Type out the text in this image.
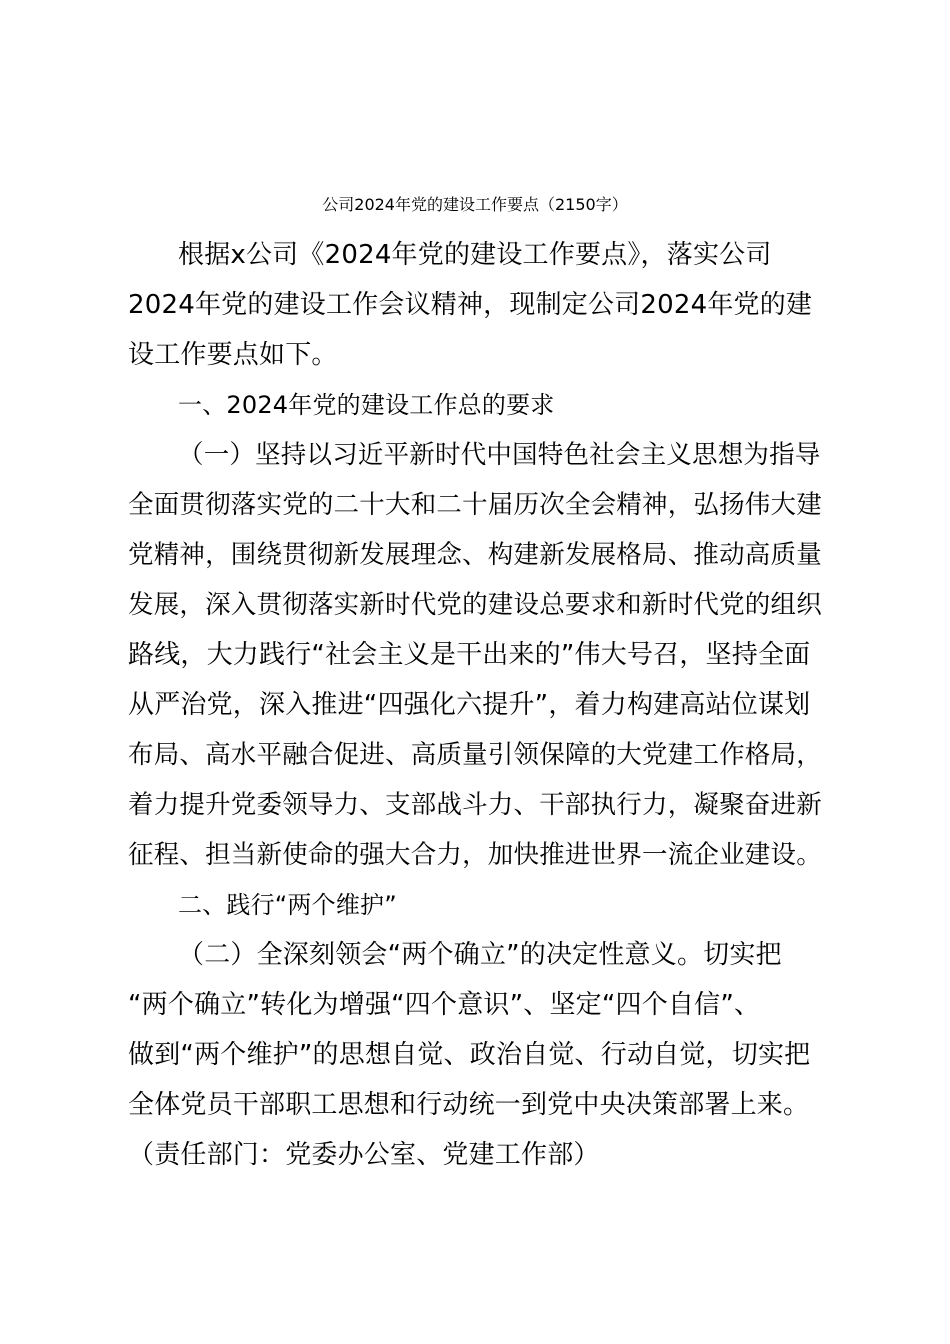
公司2024年党的建设工作要点（2150字）
根据x公司《2024年党的建设工作要点》，落实公司
2024年党的建设工作会议精神，现制定公司2024年党的建
设工作要点如下。
一、2024年党的建设工作总的要求
（一）坚持以习近平新时代中国特色社会主义思想为指导
全面贯彻落实党的二十大和二十届历次全会精神，弘扬伟大建
党精神，围绕贯彻新发展理念、构建新发展格局、推动高质量
发展，深入贯彻落实新时代党的建设总要求和新时代党的组织
路线，大力践行“社会主义是干出来的”伟大号召，坚持全面
从严治党，深入推进“四强化六提升”，着力构建高站位谋划
布局、高水平融合促进、高质量引领保障的大党建工作格局，
着力提升党委领导力、支部战斗力、干部执行力，凝聚奋进新
征程、担当新使命的强大合力，加快推进世界一流企业建设。
二、践行“两个维护”
（二）全深刻领会“两个确立”的决定性意义。切实把
“两个确立”转化为增强“四个意识”、坚定“四个自信”、
做到“两个维护”的思想自觉、政治自觉、行动自觉，切实把
全体党员干部职工思想和行动统一到党中央决策部署上来。
（责任部门：党委办公室、党建工作部）
